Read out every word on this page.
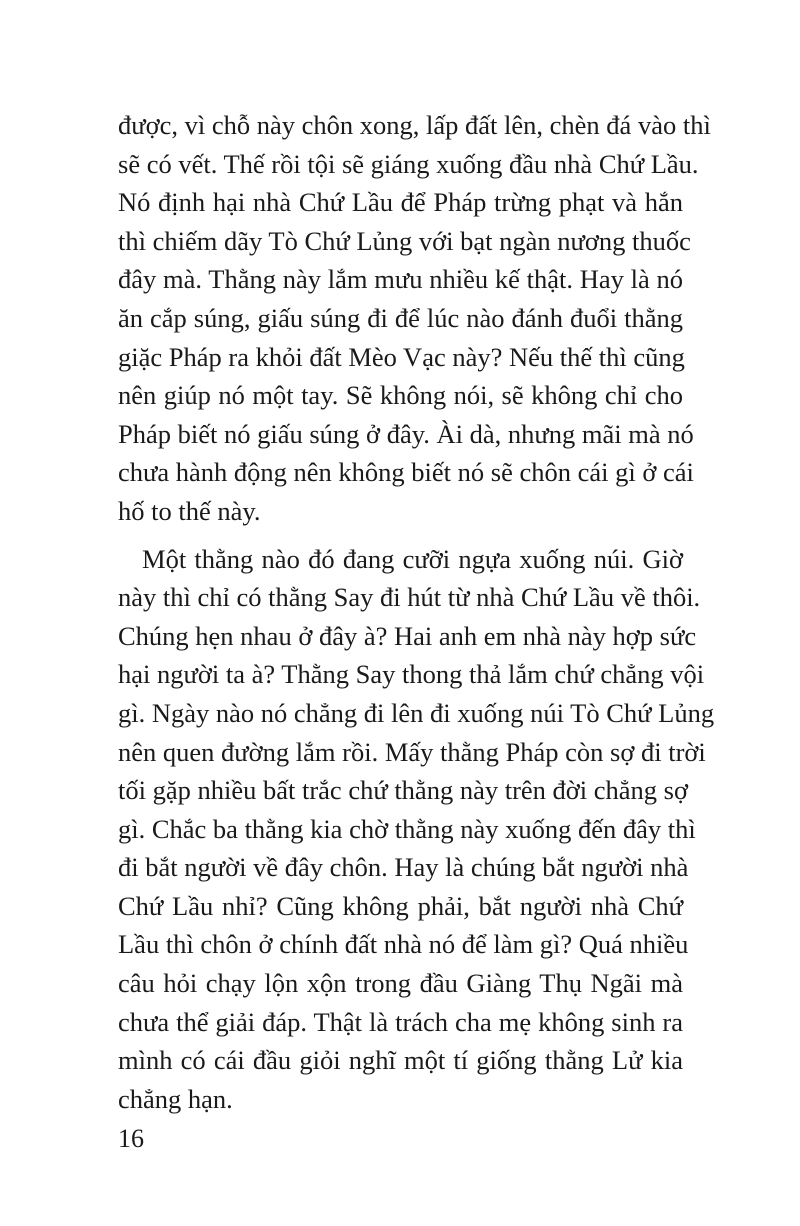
được, vì chỗ này chôn xong, lấp đất lên, chèn đá vào thì
sẽ có vết. Thế rồi tội sẽ giáng xuống đầu nhà Chứ Lầu.
Nó định hại nhà Chứ Lầu để Pháp trừng phạt và hắn
thì chiếm dãy Tò Chứ Lủng với bạt ngàn nương thuốc
đây mà. Thằng này lắm mưu nhiều kế thật. Hay là nó
ăn cắp súng, giấu súng đi để lúc nào đánh đuổi thằng
giặc Pháp ra khỏi đất Mèo Vạc này? Nếu thế thì cũng
nên giúp nó một tay. Sẽ không nói, sẽ không chỉ cho
Pháp biết nó giấu súng ở đây. Ài dà, nhưng mãi mà nó
chưa hành động nên không biết nó sẽ chôn cái gì ở cái
hố to thế này.
Một thằng nào đó đang cưỡi ngựa xuống núi. Giờ
này thì chỉ có thằng Say đi hút từ nhà Chứ Lầu về thôi.
Chúng hẹn nhau ở đây à? Hai anh em nhà này hợp sức
hại người ta à? Thằng Say thong thả lắm chứ chẳng vội
gì. Ngày nào nó chẳng đi lên đi xuống núi Tò Chứ Lủng
nên quen đường lắm rồi. Mấy thằng Pháp còn sợ đi trời
tối gặp nhiều bất trắc chứ thằng này trên đời chẳng sợ
gì. Chắc ba thằng kia chờ thằng này xuống đến đây thì
đi bắt người về đây chôn. Hay là chúng bắt người nhà
Chứ Lầu nhỉ? Cũng không phải, bắt người nhà Chứ
Lầu thì chôn ở chính đất nhà nó để làm gì? Quá nhiều
câu hỏi chạy lộn xộn trong đầu Giàng Thụ Ngãi mà
chưa thể giải đáp. Thật là trách cha mẹ không sinh ra
mình có cái đầu giỏi nghĩ một tí giống thằng Lử kia
chẳng hạn.
16
